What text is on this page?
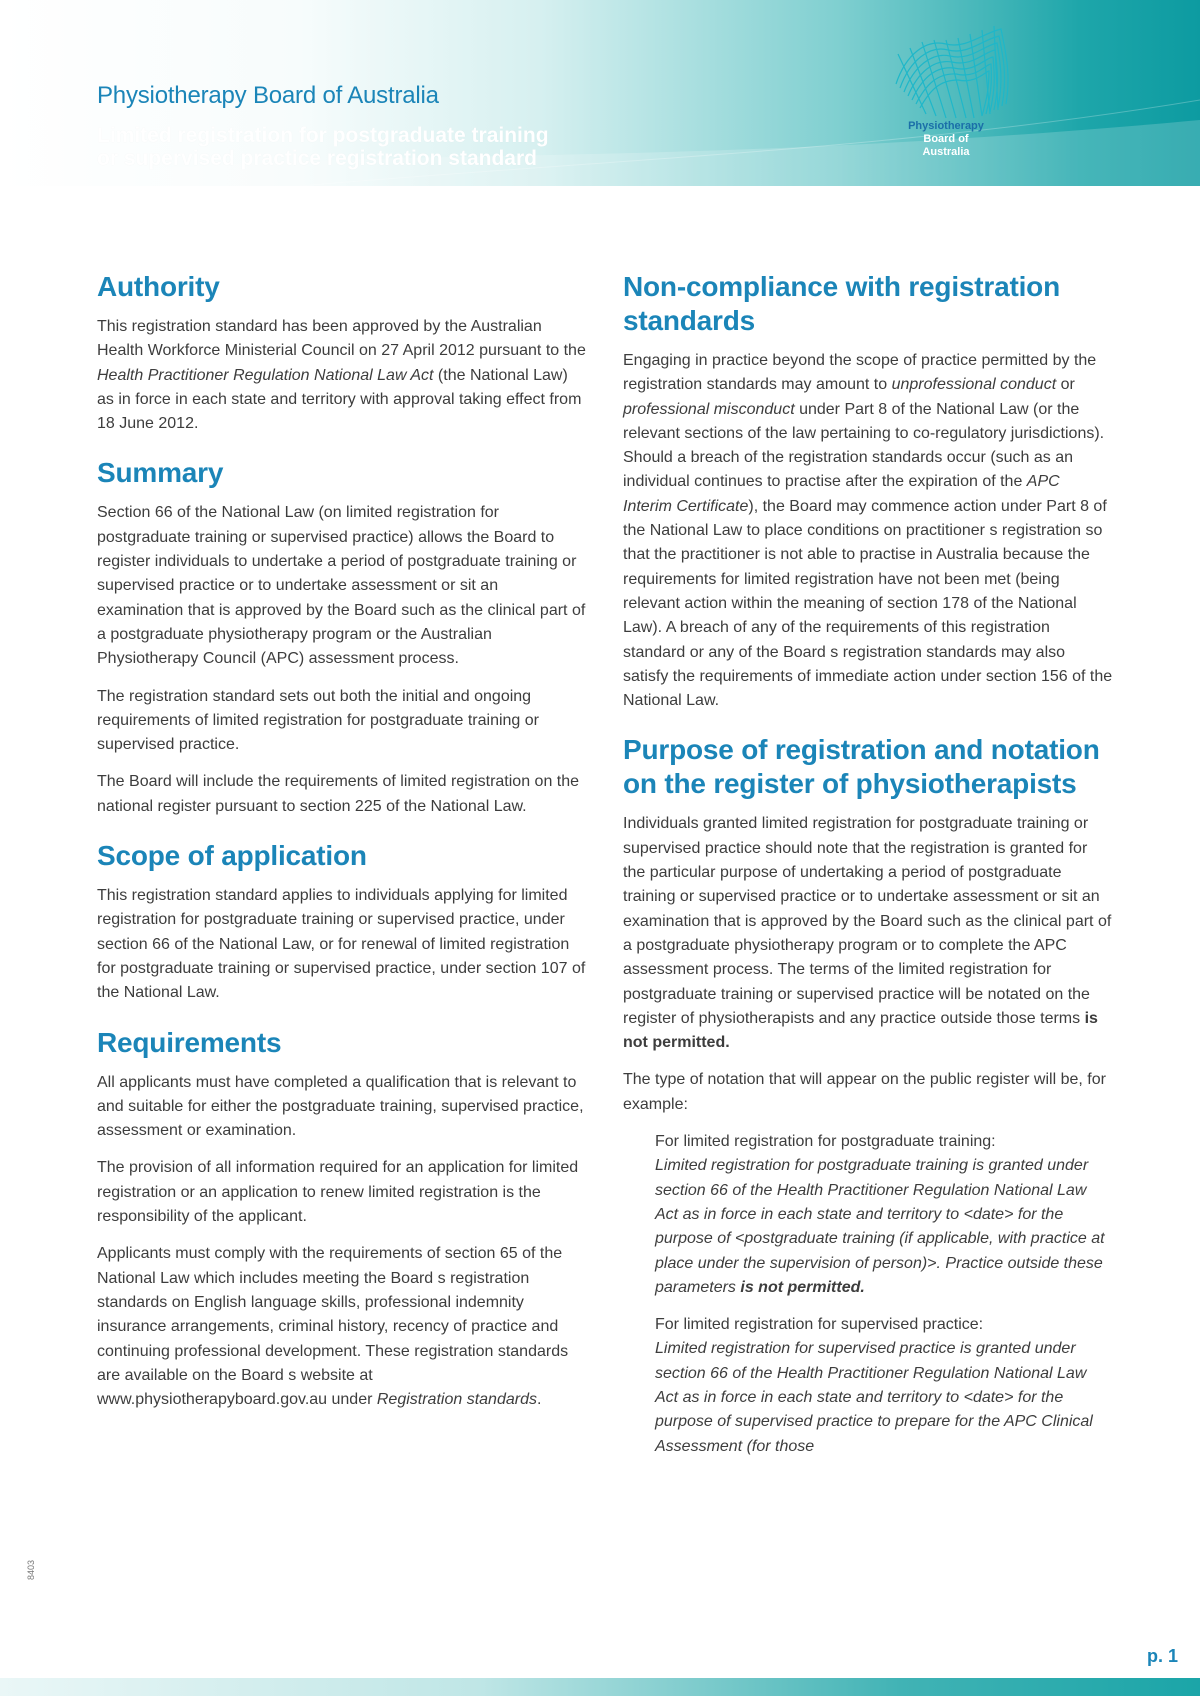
Physiotherapy Board of Australia
Limited registration for postgraduate training
or supervised practice registration standard
Physiotherapy
Board of
Australia
Authority

This registration standard has been approved by the Australian Health Workforce Ministerial Council on 27 April 2012 pursuant to the Health Practitioner Regulation National Law Act (the National Law) as in force in each state and territory with approval taking effect from 18 June 2012.

Summary

Section 66 of the National Law (on limited registration for postgraduate training or supervised practice) allows the Board to register individuals to undertake a period of postgraduate training or supervised practice or to undertake assessment or sit an examination that is approved by the Board such as the clinical part of a postgraduate physiotherapy program or the Australian Physiotherapy Council (APC) assessment process.

The registration standard sets out both the initial and ongoing requirements of limited registration for postgraduate training or supervised practice.

The Board will include the requirements of limited registration on the national register pursuant to section 225 of the National Law.

Scope of application

This registration standard applies to individuals applying for limited registration for postgraduate training or supervised practice, under section 66 of the National Law, or for renewal of limited registration for postgraduate training or supervised practice, under section 107 of the National Law.

Requirements

All applicants must have completed a qualification that is relevant to and suitable for either the postgraduate training, supervised practice, assessment or examination.

The provision of all information required for an application for limited registration or an application to renew limited registration is the responsibility of the applicant.

Applicants must comply with the requirements of section 65 of the National Law which includes meeting the Board s registration standards on English language skills, professional indemnity insurance arrangements, criminal history, recency of practice and continuing professional development. These registration standards are available on the Board s website at www.physiotherapyboard.gov.au under Registration standards.

Non-compliance with registration standards

Engaging in practice beyond the scope of practice permitted by the registration standards may amount to unprofessional conduct or professional misconduct under Part 8 of the National Law (or the relevant sections of the law pertaining to co-regulatory jurisdictions). Should a breach of the registration standards occur (such as an individual continues to practise after the expiration of the APC Interim Certificate), the Board may commence action under Part 8 of the National Law to place conditions on practitioner s registration so that the practitioner is not able to practise in Australia because the requirements for limited registration have not been met (being relevant action within the meaning of section 178 of the National Law). A breach of any of the requirements of this registration standard or any of the Board s registration standards may also satisfy the requirements of immediate action under section 156 of the National Law.

Purpose of registration and notation on the register of physiotherapists

Individuals granted limited registration for postgraduate training or supervised practice should note that the registration is granted for the particular purpose of undertaking a period of postgraduate training or supervised practice or to undertake assessment or sit an examination that is approved by the Board such as the clinical part of a postgraduate physiotherapy program or to complete the APC assessment process. The terms of the limited registration for postgraduate training or supervised practice will be notated on the register of physiotherapists and any practice outside those terms is not permitted.

The type of notation that will appear on the public register will be, for example:

For limited registration for postgraduate training:
Limited registration for postgraduate training is granted under section 66 of the Health Practitioner Regulation National Law Act as in force in each state and territory to <date> for the purpose of <postgraduate training (if applicable, with practice at place under the supervision of person)>. Practice outside these parameters is not permitted.

For limited registration for supervised practice:
Limited registration for supervised practice is granted under section 66 of the Health Practitioner Regulation National Law Act as in force in each state and territory to <date> for the purpose of supervised practice to prepare for the APC Clinical Assessment (for those

8403
p. 1
